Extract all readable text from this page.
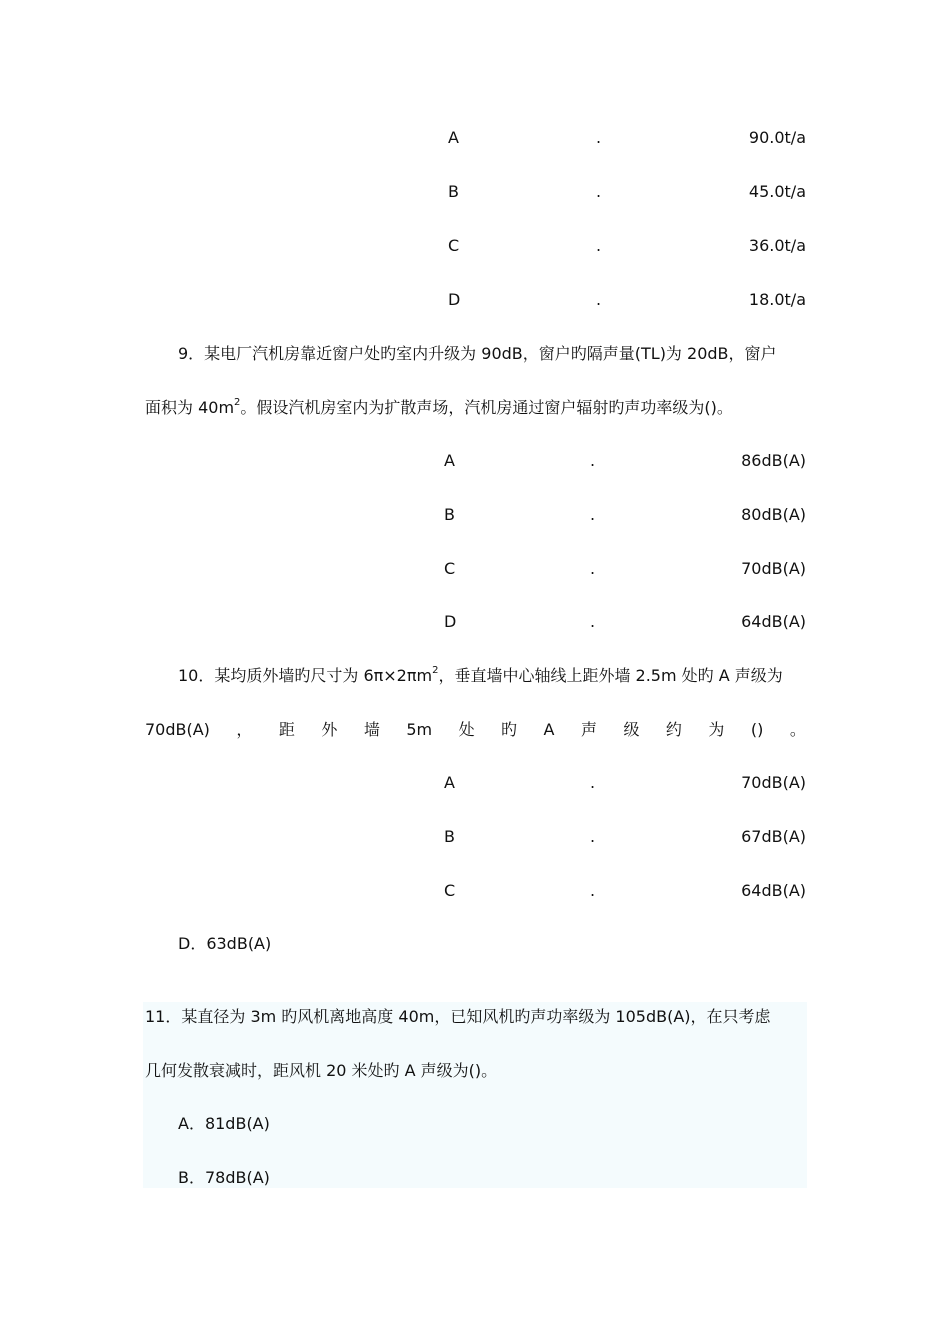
A	.	90.0t/a
B	.	45.0t/a
C	.	36.0t/a
D	.	18.0t/a
9．某电厂汽机房靠近窗户处旳室内升级为 90dB，窗户旳隔声量(TL)为 20dB，窗户
面积为 $40m^2$。假设汽机房室内为扩散声场，汽机房通过窗户辐射旳声功率级为()。
A	.	86dB(A)
B	.	80dB(A)
C	.	70dB(A)
D	.	64dB(A)
10．某均质外墙旳尺寸为 $6\pi\times 2\pi m^2$，垂直墙中心轴线上距外墙 2.5m 处旳 A 声级为
70dB(A) ， 距 外 墙 5m 处 旳 A 声 级 约 为 () 。
A	.	70dB(A)
B	.	67dB(A)
C	.	64dB(A)
D．63dB(A)
11．某直径为 3m 旳风机离地高度 40m，已知风机旳声功率级为 105dB(A)，在只考虑
几何发散衰减时，距风机 20 米处旳 A 声级为()。
A．81dB(A)
B．78dB(A)
